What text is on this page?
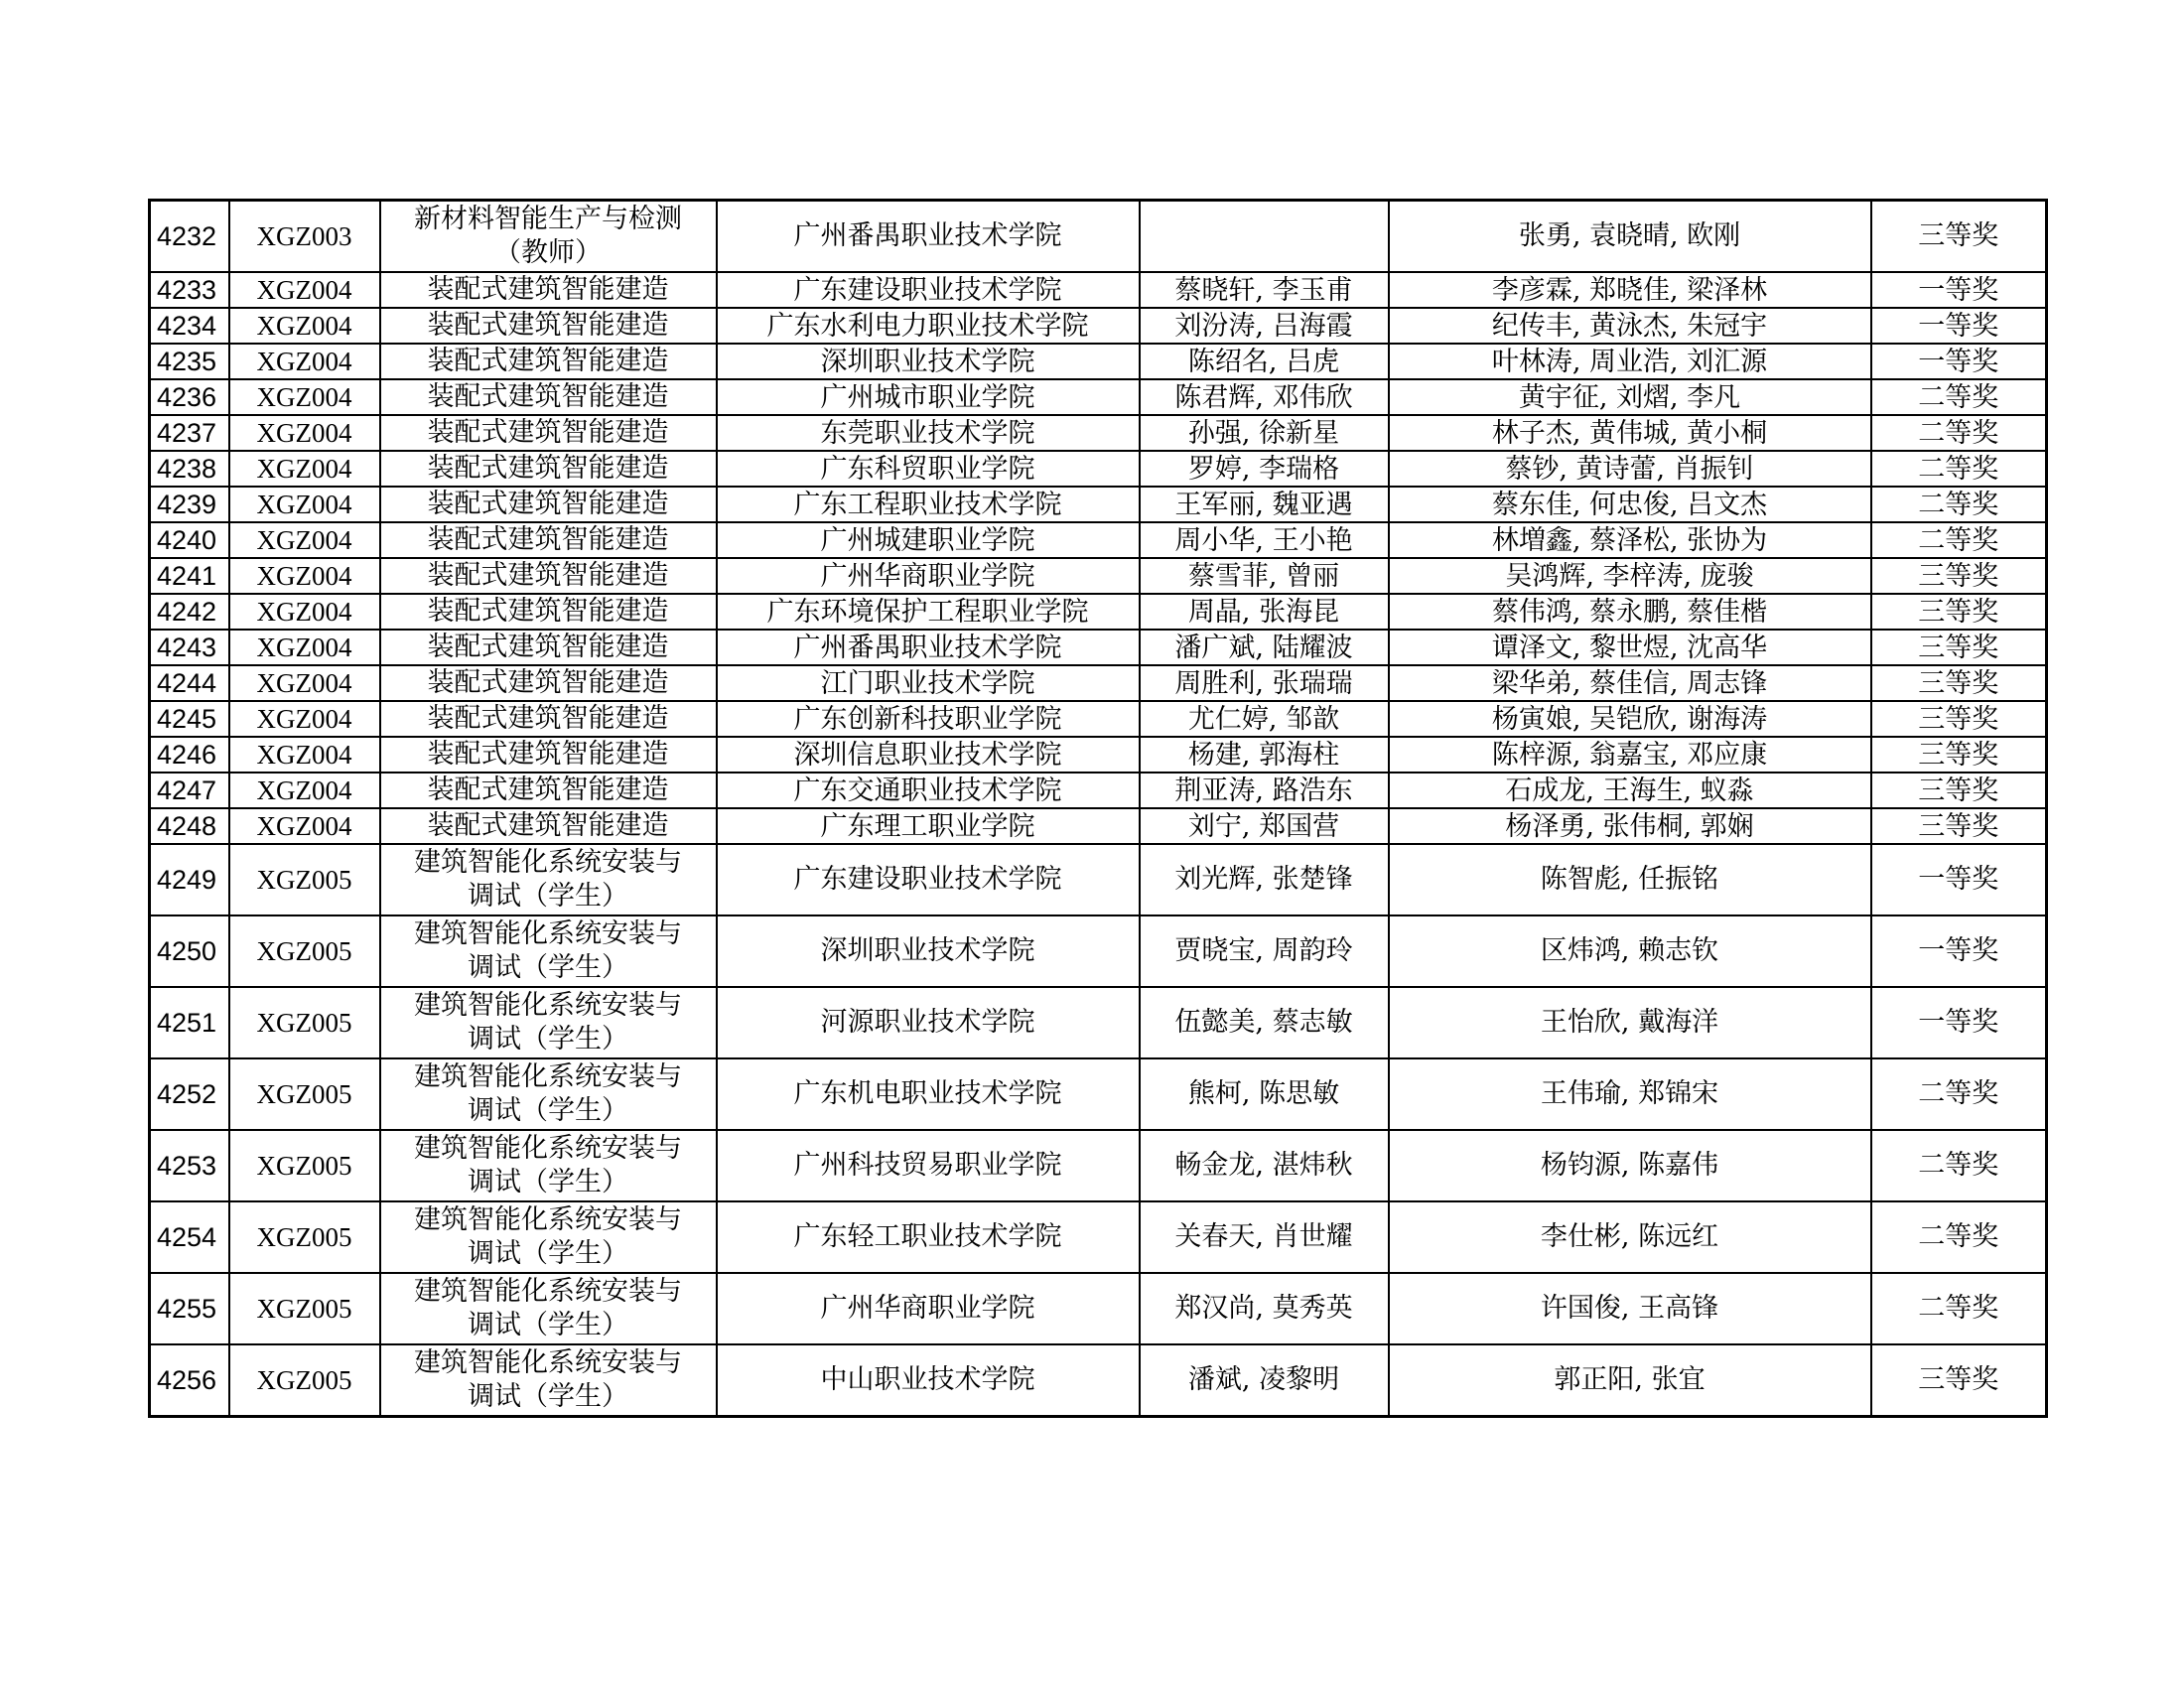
4232	XGZ003	新材料智能生产与检测
（教师）	广州番禺职业技术学院		张勇, 袁晓晴, 欧刚	三等奖
4233	XGZ004	装配式建筑智能建造	广东建设职业技术学院	蔡晓轩, 李玉甫	李彦霖, 郑晓佳, 梁泽林	一等奖
4234	XGZ004	装配式建筑智能建造	广东水利电力职业技术学院	刘汾涛, 吕海霞	纪传丰, 黄泳杰, 朱冠宇	一等奖
4235	XGZ004	装配式建筑智能建造	深圳职业技术学院	陈绍名, 吕虎	叶林涛, 周业浩, 刘汇源	一等奖
4236	XGZ004	装配式建筑智能建造	广州城市职业学院	陈君辉, 邓伟欣	黄宇征, 刘熠, 李凡	二等奖
4237	XGZ004	装配式建筑智能建造	东莞职业技术学院	孙强, 徐新星	林子杰, 黄伟城, 黄小桐	二等奖
4238	XGZ004	装配式建筑智能建造	广东科贸职业学院	罗婷, 李瑞格	蔡钞, 黄诗蕾, 肖振钊	二等奖
4239	XGZ004	装配式建筑智能建造	广东工程职业技术学院	王军丽, 魏亚遇	蔡东佳, 何忠俊, 吕文杰	二等奖
4240	XGZ004	装配式建筑智能建造	广州城建职业学院	周小华, 王小艳	林増鑫, 蔡泽松, 张协为	二等奖
4241	XGZ004	装配式建筑智能建造	广州华商职业学院	蔡雪菲, 曾丽	吴鸿辉, 李梓涛, 庞骏	三等奖
4242	XGZ004	装配式建筑智能建造	广东环境保护工程职业学院	周晶, 张海昆	蔡伟鸿, 蔡永鹏, 蔡佳楷	三等奖
4243	XGZ004	装配式建筑智能建造	广州番禺职业技术学院	潘广斌, 陆耀波	谭泽文, 黎世煜, 沈高华	三等奖
4244	XGZ004	装配式建筑智能建造	江门职业技术学院	周胜利, 张瑞瑞	梁华弟, 蔡佳信, 周志锋	三等奖
4245	XGZ004	装配式建筑智能建造	广东创新科技职业学院	尤仁婷, 邹歆	杨寅娘, 吴铠欣, 谢海涛	三等奖
4246	XGZ004	装配式建筑智能建造	深圳信息职业技术学院	杨建, 郭海柱	陈梓源, 翁嘉宝, 邓应康	三等奖
4247	XGZ004	装配式建筑智能建造	广东交通职业技术学院	荆亚涛, 路浩东	石成龙, 王海生, 蚁淼	三等奖
4248	XGZ004	装配式建筑智能建造	广东理工职业学院	刘宁, 郑国营	杨泽勇, 张伟桐, 郭娴	三等奖
4249	XGZ005	建筑智能化系统安装与
调试（学生）	广东建设职业技术学院	刘光辉, 张楚锋	陈智彪, 任振铭	一等奖
4250	XGZ005	建筑智能化系统安装与
调试（学生）	深圳职业技术学院	贾晓宝, 周韵玲	区炜鸿, 赖志钦	一等奖
4251	XGZ005	建筑智能化系统安装与
调试（学生）	河源职业技术学院	伍懿美, 蔡志敏	王怡欣, 戴海洋	一等奖
4252	XGZ005	建筑智能化系统安装与
调试（学生）	广东机电职业技术学院	熊柯, 陈思敏	王伟瑜, 郑锦宋	二等奖
4253	XGZ005	建筑智能化系统安装与
调试（学生）	广州科技贸易职业学院	畅金龙, 湛炜秋	杨钧源, 陈嘉伟	二等奖
4254	XGZ005	建筑智能化系统安装与
调试（学生）	广东轻工职业技术学院	关春天, 肖世耀	李仕彬, 陈远红	二等奖
4255	XGZ005	建筑智能化系统安装与
调试（学生）	广州华商职业学院	郑汉尚, 莫秀英	许国俊, 王高锋	二等奖
4256	XGZ005	建筑智能化系统安装与
调试（学生）	中山职业技术学院	潘斌, 凌黎明	郭正阳, 张宜	三等奖
